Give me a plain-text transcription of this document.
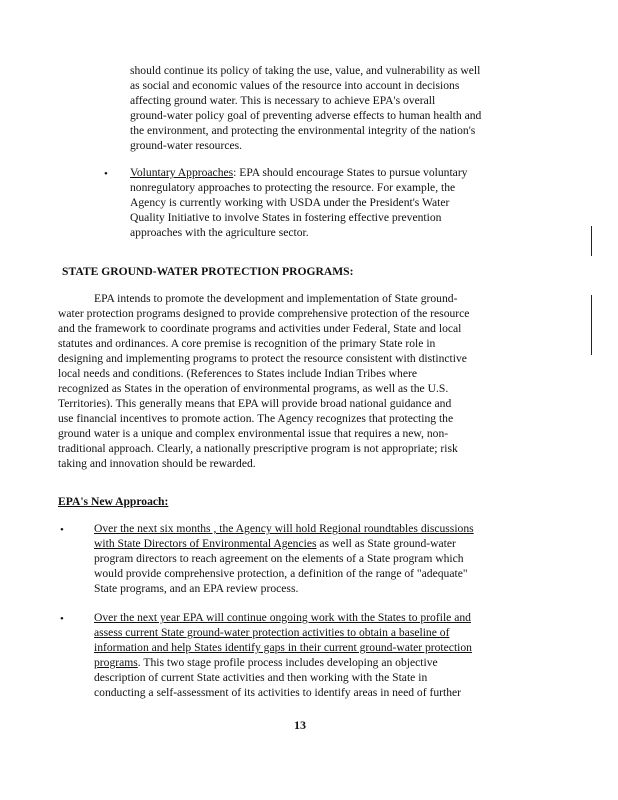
should continue its policy of taking the use, value, and vulnerability as well
as social and economic values of the resource into account in decisions
affecting ground water. This is necessary to achieve EPA's overall
ground-water policy goal of preventing adverse effects to human health and
the environment, and protecting the environmental integrity of the nation's
ground-water resources.
• Voluntary Approaches: EPA should encourage States to pursue voluntary
nonregulatory approaches to protecting the resource. For example, the
Agency is currently working with USDA under the President's Water
Quality Initiative to involve States in fostering effective prevention
approaches with the agriculture sector.
STATE GROUND-WATER PROTECTION PROGRAMS:
EPA intends to promote the development and implementation of State ground-
water protection programs designed to provide comprehensive protection of the resource
and the framework to coordinate programs and activities under Federal, State and local
statutes and ordinances. A core premise is recognition of the primary State role in
designing and implementing programs to protect the resource consistent with distinctive
local needs and conditions. (References to States include Indian Tribes where
recognized as States in the operation of environmental programs, as well as the U.S.
Territories). This generally means that EPA will provide broad national guidance and
use financial incentives to promote action. The Agency recognizes that protecting the
ground water is a unique and complex environmental issue that requires a new, non-
traditional approach. Clearly, a nationally prescriptive program is not appropriate; risk
taking and innovation should be rewarded.
EPA's New Approach:
•	Over the next six months , the Agency will hold Regional roundtables discussions
with State Directors of Environmental Agencies as well as State ground-water
program directors to reach agreement on the elements of a State program which
would provide comprehensive protection, a definition of the range of "adequate"
State programs, and an EPA review process.
•	Over the next year EPA will continue ongoing work with the States to profile and
assess current State ground-water protection activities to obtain a baseline of
information and help States identify gaps in their current ground-water protection
programs. This two stage profile process includes developing an objective
description of current State activities and then working with the State in
conducting a self-assessment of its activities to identify areas in need of further
13
